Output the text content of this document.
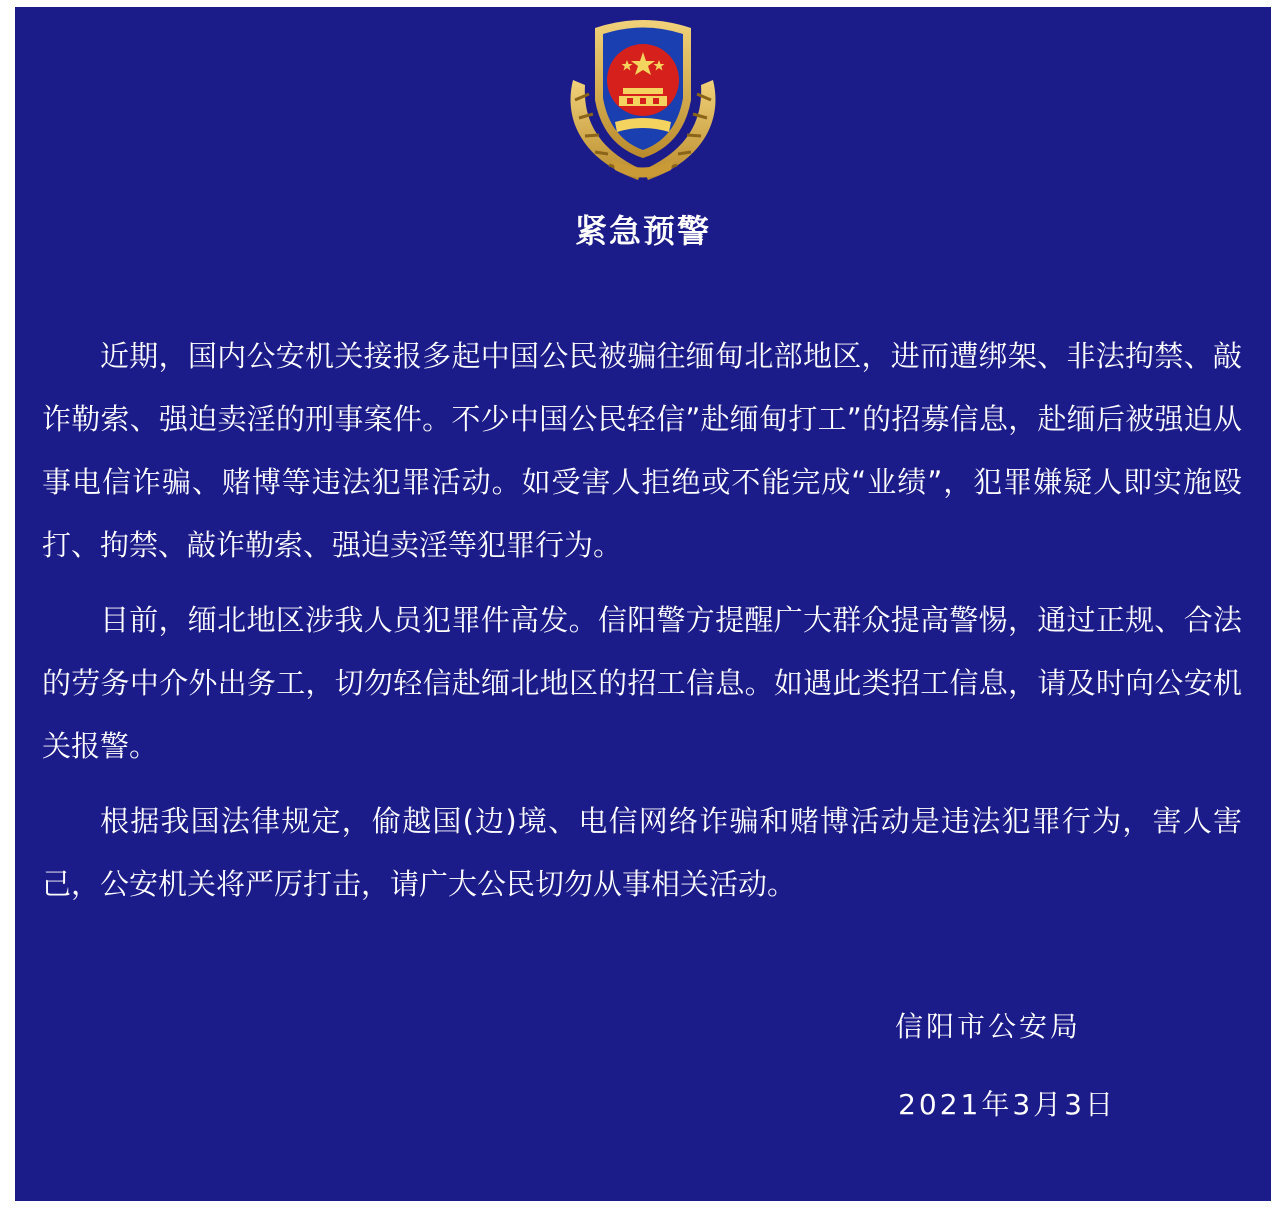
紧急预警

近期，国内公安机关接报多起中国公民被骗往缅甸北部地区，进而遭绑架、非法拘禁、敲诈勒索、强迫卖淫的刑事案件。不少中国公民轻信”赴缅甸打工”的招募信息，赴缅后被强迫从事电信诈骗、赌博等违法犯罪活动。如受害人拒绝或不能完成“业绩”，犯罪嫌疑人即实施殴打、拘禁、敲诈勒索、强迫卖淫等犯罪行为。

目前，缅北地区涉我人员犯罪件高发。信阳警方提醒广大群众提高警惕，通过正规、合法的劳务中介外出务工，切勿轻信赴缅北地区的招工信息。如遇此类招工信息，请及时向公安机关报警。

根据我国法律规定，偷越国(边)境、电信网络诈骗和赌博活动是违法犯罪行为，害人害己，公安机关将严厉打击，请广大公民切勿从事相关活动。

信阳市公安局
2021年3月3日
